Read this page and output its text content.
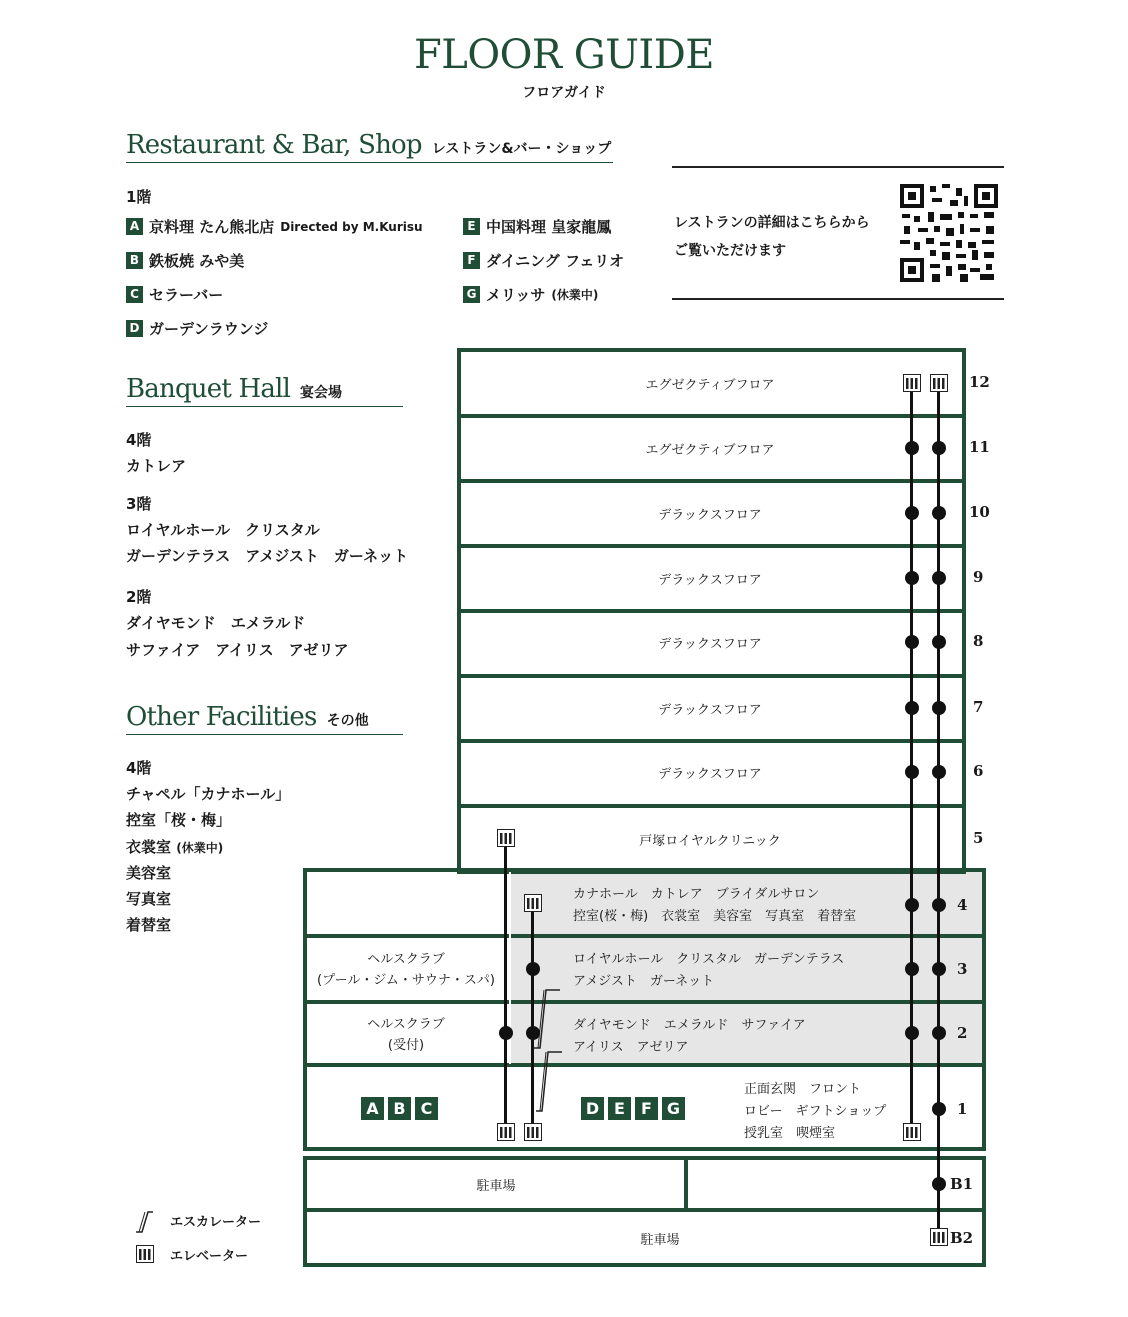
FLOOR GUIDE
フロアガイド
Restaurant & Bar, Shop レストラン&バー・ショップ
1階
A 京料理 たん熊北店 Directed by M.Kurisu
B 鉄板焼 みや美
C セラーバー
D ガーデンラウンジ
E 中国料理 皇家龍鳳
F ダイニング フェリオ
G メリッサ (休業中)
レストランの詳細はこちらから
ご覧いただけます
Banquet Hall 宴会場
4階
カトレア
3階
ロイヤルホール　クリスタル
ガーデンテラス　アメジスト　ガーネット
2階
ダイヤモンド　エメラルド
サファイア　アイリス　アゼリア
Other Facilities その他
4階
チャペル「カナホール」
控室「桜・梅」
衣裳室 (休業中)
美容室
写真室
着替室
エスカレーター
エレベーター
エグゼクティブフロア
エグゼクティブフロア
デラックスフロア
デラックスフロア
デラックスフロア
デラックスフロア
デラックスフロア
戸塚ロイヤルクリニック
カナホール　カトレア　ブライダルサロン
控室(桜・梅)　衣裳室　美容室　写真室　着替室
ヘルスクラブ
(プール・ジム・サウナ・スパ)
ロイヤルホール　クリスタル　ガーデンテラス
アメジスト　ガーネット
ヘルスクラブ
(受付)
ダイヤモンド　エメラルド　サファイア
アイリス　アゼリア
A B C	D E F G
正面玄関　フロント
ロビー　ギフトショップ
授乳室　喫煙室
駐車場
駐車場
12
11
10
9
8
7
6
5
4
3
2
1
B1
B2
